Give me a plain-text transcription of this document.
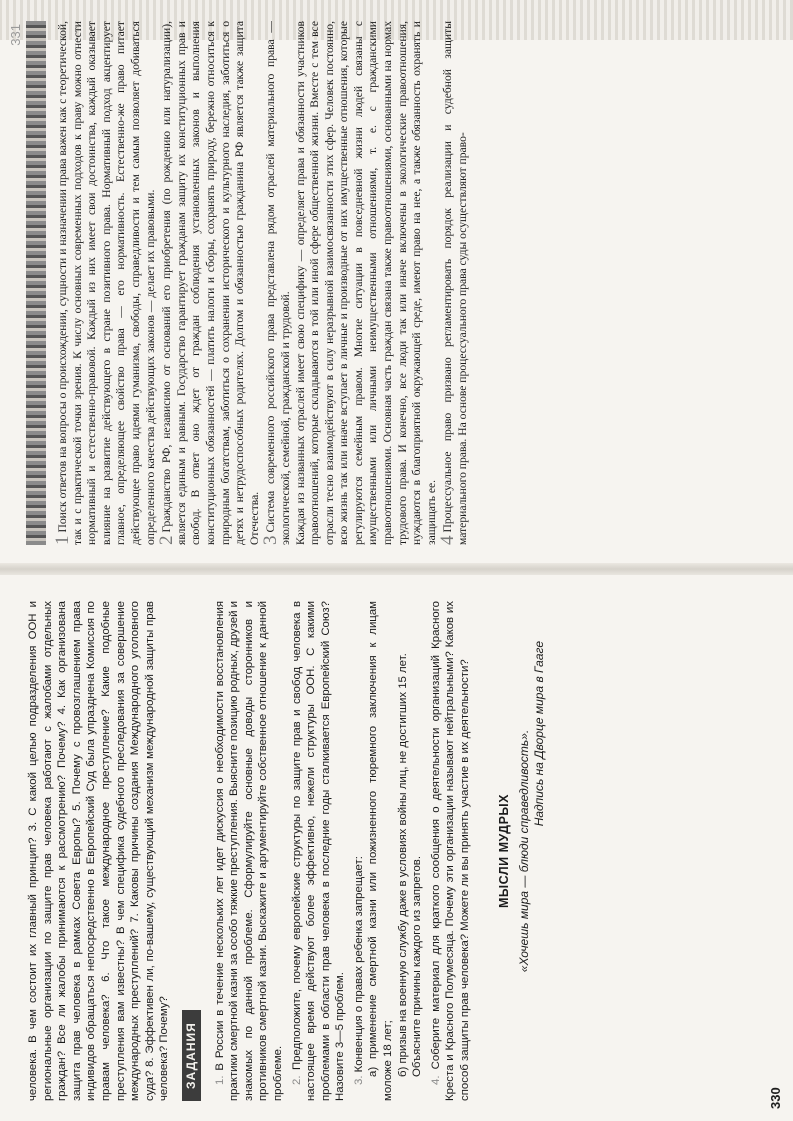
человека. В чем состоит их главный принцип? 3. С какой целью подразделения ООН и региональные организации по защите прав человека работают с жалобами отдельных граждан? Все ли жалобы принимаются к рассмотрению? Почему? 4. Как организована защита прав человека в рамках Совета Европы? 5. Почему с провозглашением права индивидов обращаться непосредственно в Европейский Суд была упразднена Комиссия по правам человека? 6. Что такое международное преступление? Какие подобные преступления вам известны? В чем специфика судебного преследования за совершение международных преступлений? 7. Каковы причины создания Международного уголовного суда? 8. Эффективен ли, по-вашему, существующий механизм международной защиты прав человека? Почему? ЗАДАНИЯ 1. В России в течение нескольких лет идет дискуссия о необходимости восстановления практики смертной казни за особо тяжкие преступления. Выясните позицию родных, друзей и знакомых по данной проблеме. Сформулируйте основные доводы сторонников и противников смертной казни. Выскажите и аргументируйте собственное отношение к данной проблеме. 2. Предположите, почему европейские структуры по защите прав и свобод человека в настоящее время действуют более эффективно, нежели структуры ООН. С какими проблемами в области прав человека в последние годы сталкивается Европейский Союз? Назовите 3—5 проблем. 3. Конвенция о правах ребенка запрещает: а) применение смертной казни или пожизненного тюремного заключения к лицам моложе 18 лет; б) призыв на военную службу даже в условиях войны лиц, не достигших 15 лет. Объясните причины каждого из запретов.

4. Соберите материал для краткого сообщения о деятельности организаций Красного Креста и Красного Полумесяца. Почему эти организации называют нейтральными? Каков их способ защиты прав человека? Можете ли вы принять участие в их деятельности? МЫСЛИ МУДРЫХ «Хочешь мира — блюди справедливость». Надпись на Дворце мира в Гааге
330
331

1Поиск ответов на вопросы о происхождении, сущности и назначении права важен как с теоретической, так и с практической точки зрения. К числу основных современных подходов к праву можно отнести нормативный и естественно-правовой. Каждый из них имеет свои достоинства, каждый оказывает влияние на развитие действующего в стране позитивного права. Нормативный подход акцентирует главное, определяющее свойство права — его нормативность. Естественно-же право питает действующее право идеями гуманизма, свободы, справедливости и тем самым позволяет добиваться определенного качества действующих законов — делает их правовыми. 2Гражданство РФ, независимо от оснований его приобретения (по рождению или натурализации), является единым и равным. Государство гарантирует гражданам защиту их конституционных прав и свобод. В ответ оно ждет от граждан соблюдения установленных законов и выполнения конституционных обязанностей — платить налоги и сборы, сохранять природу, бережно относиться к природным богатствам, заботиться о сохранении исторического и культурного наследия, заботиться о детях и нетрудоспособных родителях. Долгом и обязанностью гражданина РФ является также защита Отечества. 3Система современного российского права представлена рядом отраслей материального права — экологической, семейной, гражданской и трудовой. Каждая из названных отраслей имеет свою специфику — определяет права и обязанности участников правоотношений, которые складываются в той или иной сфере общественной жизни. Вместе с тем все отрасли тесно взаимодействуют в силу неразрывной взаимосвязанности этих сфер. Человек постоянно, всю жизнь так или иначе вступает в личные и производные от них имущественные отношения, которые регулируются семейным правом. Многие ситуации в повседневной жизни людей связаны с имущественными или личными неимущественными отношениями, т. е. с гражданскими правоотношениями. Основная часть граждан связана также правоотношениями, основанными на нормах трудового права. И конечно, все люди так или иначе включены в экологические правоотношения, нуждаются в благоприятной окружающей среде, имеют право на нее, а также обязанность охранять и защищать ее. 4Процессуальное право призвано регламентировать порядок реализации и судебной защиты материального права. На основе процессуального права суды осуществляют право-
